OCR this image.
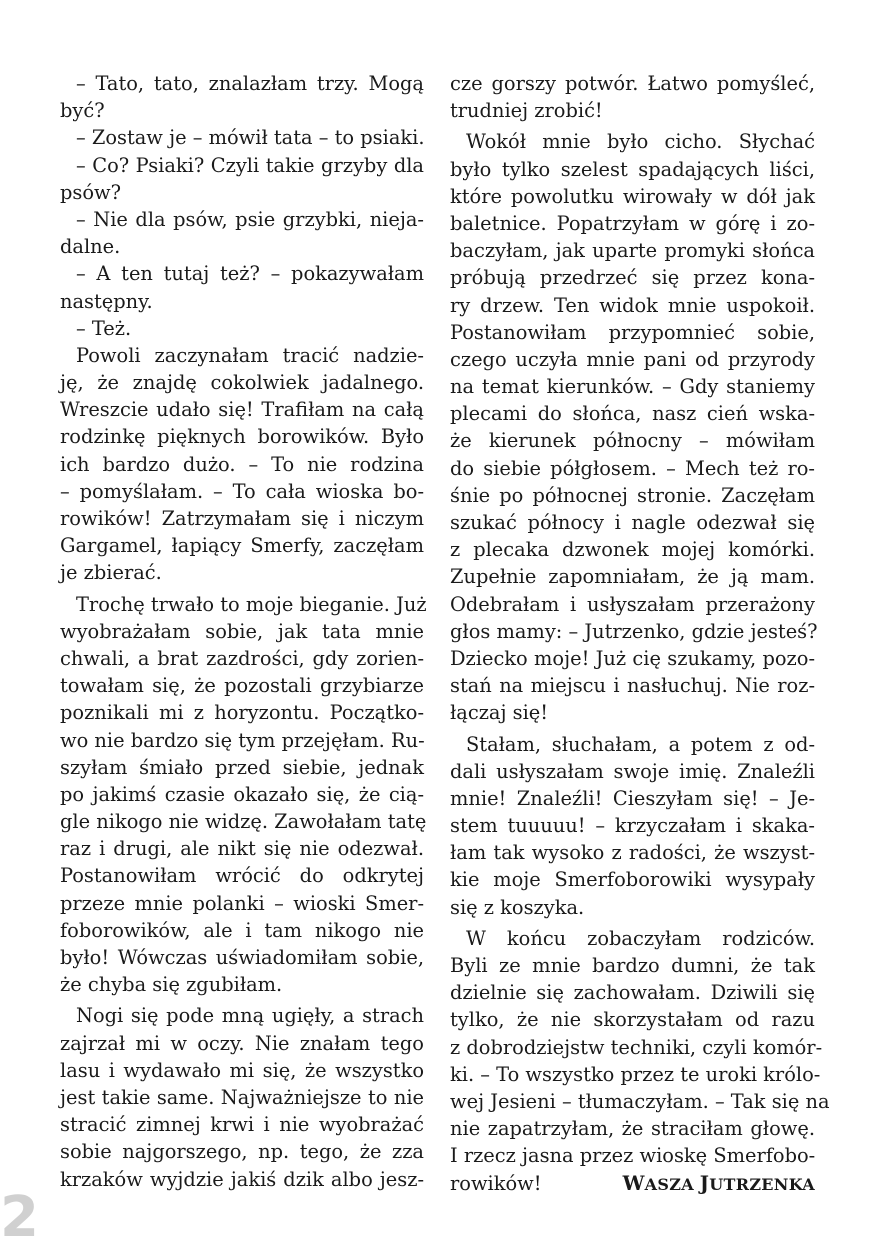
– Tato, tato, znalazłam trzy. Mogą
być?
– Zostaw je – mówił tata – to psiaki.
– Co? Psiaki? Czyli takie grzyby dla
psów?
– Nie dla psów, psie grzybki, nieja-
dalne.
– A ten tutaj też? – pokazywałam
następny.
– Też.
Powoli zaczynałam tracić nadzie-
ję, że znajdę cokolwiek jadalnego.
Wreszcie udało się! Trafiłam na całą
rodzinkę pięknych borowików. Było
ich bardzo dużo. – To nie rodzina
– pomyślałam. – To cała wioska bo-
rowików! Zatrzymałam się i niczym
Gargamel, łapiący Smerfy, zaczęłam
je zbierać.
Trochę trwało to moje bieganie. Już
wyobrażałam sobie, jak tata mnie
chwali, a brat zazdrości, gdy zorien-
towałam się, że pozostali grzybiarze
poznikali mi z horyzontu. Początko-
wo nie bardzo się tym przejęłam. Ru-
szyłam śmiało przed siebie, jednak
po jakimś czasie okazało się, że cią-
gle nikogo nie widzę. Zawołałam tatę
raz i drugi, ale nikt się nie odezwał.
Postanowiłam wrócić do odkrytej
przeze mnie polanki – wioski Smer-
foborowików, ale i tam nikogo nie
było! Wówczas uświadomiłam sobie,
że chyba się zgubiłam.
Nogi się pode mną ugięły, a strach
zajrzał mi w oczy. Nie znałam tego
lasu i wydawało mi się, że wszystko
jest takie same. Najważniejsze to nie
stracić zimnej krwi i nie wyobrażać
sobie najgorszego, np. tego, że zza
krzaków wyjdzie jakiś dzik albo jesz-
cze gorszy potwór. Łatwo pomyśleć,
trudniej zrobić!
Wokół mnie było cicho. Słychać
było tylko szelest spadających liści,
które powolutku wirowały w dół jak
baletnice. Popatrzyłam w górę i zo-
baczyłam, jak uparte promyki słońca
próbują przedrzeć się przez kona-
ry drzew. Ten widok mnie uspokoił.
Postanowiłam przypomnieć sobie,
czego uczyła mnie pani od przyrody
na temat kierunków. – Gdy staniemy
plecami do słońca, nasz cień wska-
że kierunek północny – mówiłam
do siebie półgłosem. – Mech też ro-
śnie po północnej stronie. Zaczęłam
szukać północy i nagle odezwał się
z plecaka dzwonek mojej komórki.
Zupełnie zapomniałam, że ją mam.
Odebrałam i usłyszałam przerażony
głos mamy: – Jutrzenko, gdzie jesteś?
Dziecko moje! Już cię szukamy, pozo-
stań na miejscu i nasłuchuj. Nie roz-
łączaj się!
Stałam, słuchałam, a potem z od-
dali usłyszałam swoje imię. Znaleźli
mnie! Znaleźli! Cieszyłam się! – Je-
stem tuuuuu! – krzyczałam i skaka-
łam tak wysoko z radości, że wszyst-
kie moje Smerfoborowiki wysypały
się z koszyka.
W końcu zobaczyłam rodziców.
Byli ze mnie bardzo dumni, że tak
dzielnie się zachowałam. Dziwili się
tylko, że nie skorzystałam od razu
z dobrodziejstw techniki, czyli komór-
ki. – To wszystko przez te uroki królo-
wej Jesieni – tłumaczyłam. – Tak się na
nie zapatrzyłam, że straciłam głowę.
I rzecz jasna przez wioskę Smerfobo-
rowików!	WASZA JUTRZENKA
2
